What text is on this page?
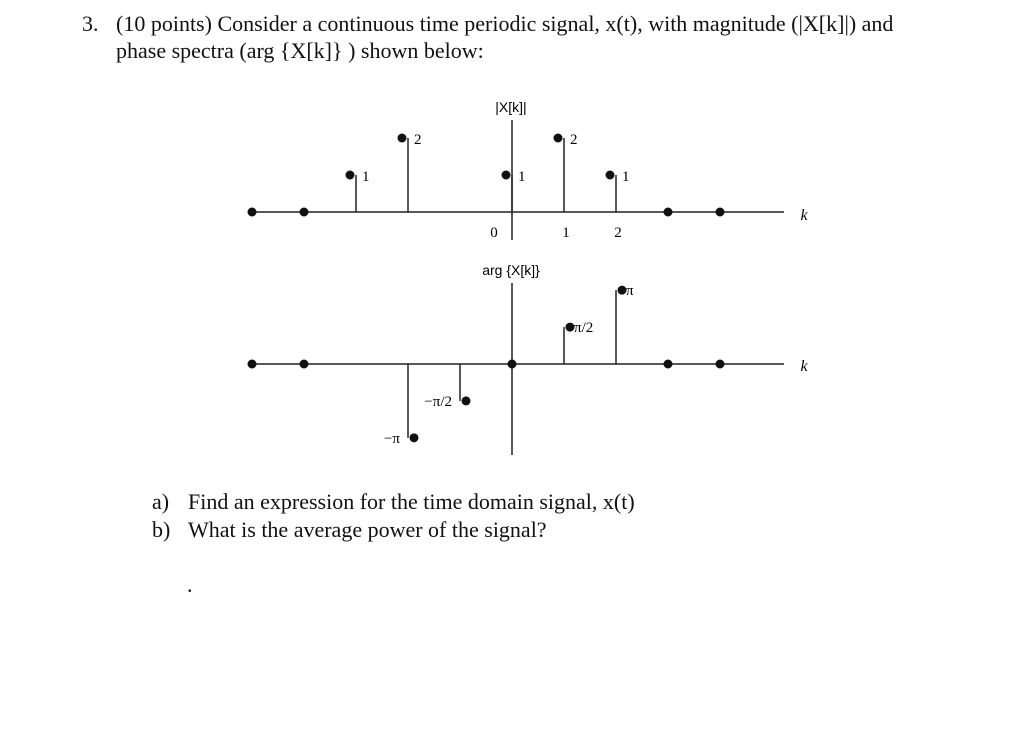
3. (10 points) Consider a continuous time periodic signal, x(t), with magnitude (|X[k]|) and
phase spectra (arg {X[k]} ) shown below:
|X[k]|
k
0	1	2
1
2
1
2
1
arg {X[k]}
k
−π
−π/2
π/2
π
a) Find an expression for the time domain signal, x(t)
b) What is the average power of the signal?
.
